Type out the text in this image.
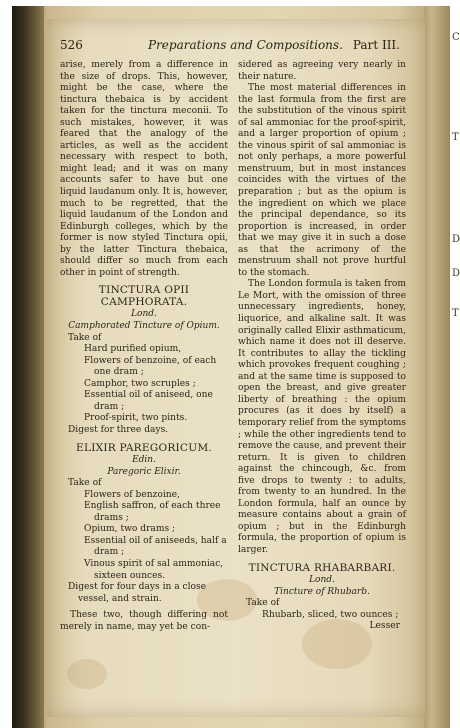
C
T
D
D
T
526	Preparations and Compositions. Part III.

arise, merely from a difference in the size of drops. This, however, might be the case, where the tinctura thebaica is by accident taken for the tinctura meconii. To such mistakes, however, it was feared that the analogy of the articles, as well as the accident necessary with respect to both, might lead; and it was on many accounts safer to have but one liquid laudanum only. It is, however, much to be regretted, that the liquid laudanum of the London and Edinburgh colleges, which by the former is now styled Tinctura opii, by the latter Tinctura thebaica, should differ so much from each other in point of strength.

TINCTURA OPII CAMPHORATA.
Lond.
Camphorated Tincture of Opium.
Take of
Hard purified opium,
Flowers of benzoine, of each one dram ;
Camphor, two scruples ;
Essential oil of aniseed, one dram ;
Proof-spirit, two pints.
Digest for three days.
ELIXIR PAREGORICUM.
Edin.
Paregoric Elixir.
Take of
Flowers of benzoine,
English saffron, of each three drams ;
Opium, two drams ;
Essential oil of aniseeds, half a dram ;
Vinous spirit of sal ammoniac, sixteen ounces.
Digest for four days in a close vessel, and strain.

These two, though differing not merely in name, may yet be con-

sidered as agreeing very nearly in their nature.

The most material differences in the last formula from the first are the substitution of the vinous spirit of sal ammoniac for the proof-spirit, and a larger proportion of opium ; the vinous spirit of sal ammoniac is not only perhaps, a more powerful menstruum, but in most instances coincides with the virtues of the preparation ; but as the opium is the ingredient on which we place the principal dependance, so its proportion is increased, in order that we may give it in such a dose as that the acrimony of the menstruum shall not prove hurtful to the stomach.

The London formula is taken from Le Mort, with the omission of three unnecessary ingredients, honey, liquorice, and alkaline salt. It was originally called Elixir asthmaticum, which name it does not ill deserve. It contributes to allay the tickling which provokes frequent coughing ; and at the same time is supposed to open the breast, and give greater liberty of breathing : the opium procures (as it does by itself) a temporary relief from the symptoms ; while the other ingredients tend to remove the cause, and prevent their return. It is given to children against the chincough, &c. from five drops to twenty : to adults, from twenty to an hundred. In the London formula, half an ounce by measure contains about a grain of opium ; but in the Edinburgh formula, the proportion of opium is larger.

TINCTURA RHABARBARI.
Lond.
Tincture of Rhubarb.
Take of
Rhubarb, sliced, two ounces ;
Lesser
